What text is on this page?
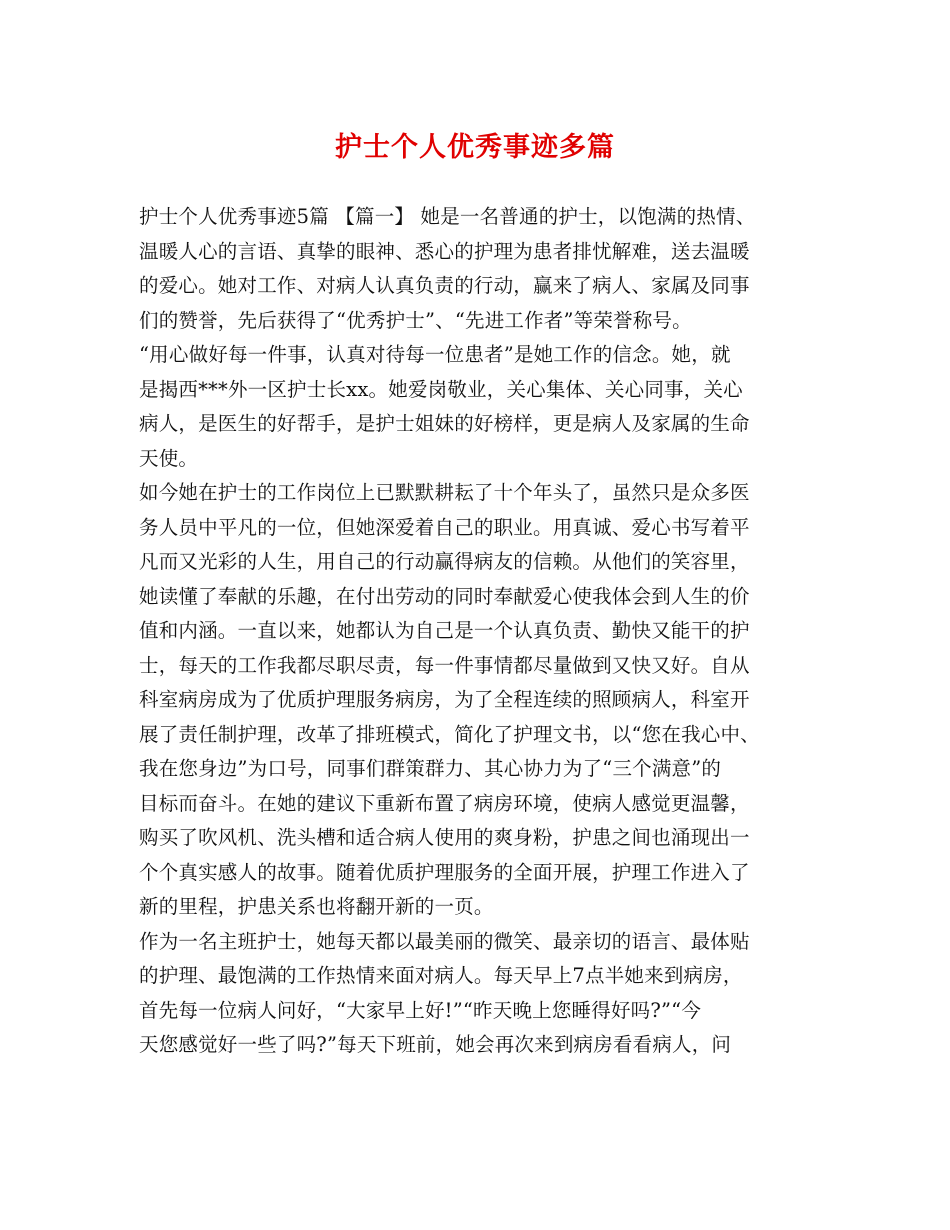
护士个人优秀事迹多篇
护士个人优秀事迹5篇 【篇一】 她是一名普通的护士，以饱满的热情、
温暖人心的言语、真挚的眼神、悉心的护理为患者排忧解难，送去温暖
的爱心。她对工作、对病人认真负责的行动，赢来了病人、家属及同事
们的赞誉，先后获得了“优秀护士”、“先进工作者”等荣誉称号。
“用心做好每一件事，认真对待每一位患者”是她工作的信念。她，就
是揭西***外一区护士长xx。她爱岗敬业，关心集体、关心同事，关心
病人，是医生的好帮手，是护士姐妹的好榜样，更是病人及家属的生命
天使。
如今她在护士的工作岗位上已默默耕耘了十个年头了，虽然只是众多医
务人员中平凡的一位，但她深爱着自己的职业。用真诚、爱心书写着平
凡而又光彩的人生，用自己的行动赢得病友的信赖。从他们的笑容里，
她读懂了奉献的乐趣，在付出劳动的同时奉献爱心使我体会到人生的价
值和内涵。一直以来，她都认为自己是一个认真负责、勤快又能干的护
士，每天的工作我都尽职尽责，每一件事情都尽量做到又快又好。自从
科室病房成为了优质护理服务病房，为了全程连续的照顾病人，科室开
展了责任制护理，改革了排班模式，简化了护理文书，以“您在我心中、
我在您身边”为口号，同事们群策群力、其心协力为了“三个满意”的
目标而奋斗。在她的建议下重新布置了病房环境，使病人感觉更温馨，
购买了吹风机、洗头槽和适合病人使用的爽身粉，护患之间也涌现出一
个个真实感人的故事。随着优质护理服务的全面开展，护理工作进入了
新的里程，护患关系也将翻开新的一页。
作为一名主班护士，她每天都以最美丽的微笑、最亲切的语言、最体贴
的护理、最饱满的工作热情来面对病人。每天早上7点半她来到病房，
首先每一位病人问好，“大家早上好!”“昨天晚上您睡得好吗?”“今
天您感觉好一些了吗?”每天下班前，她会再次来到病房看看病人，问
